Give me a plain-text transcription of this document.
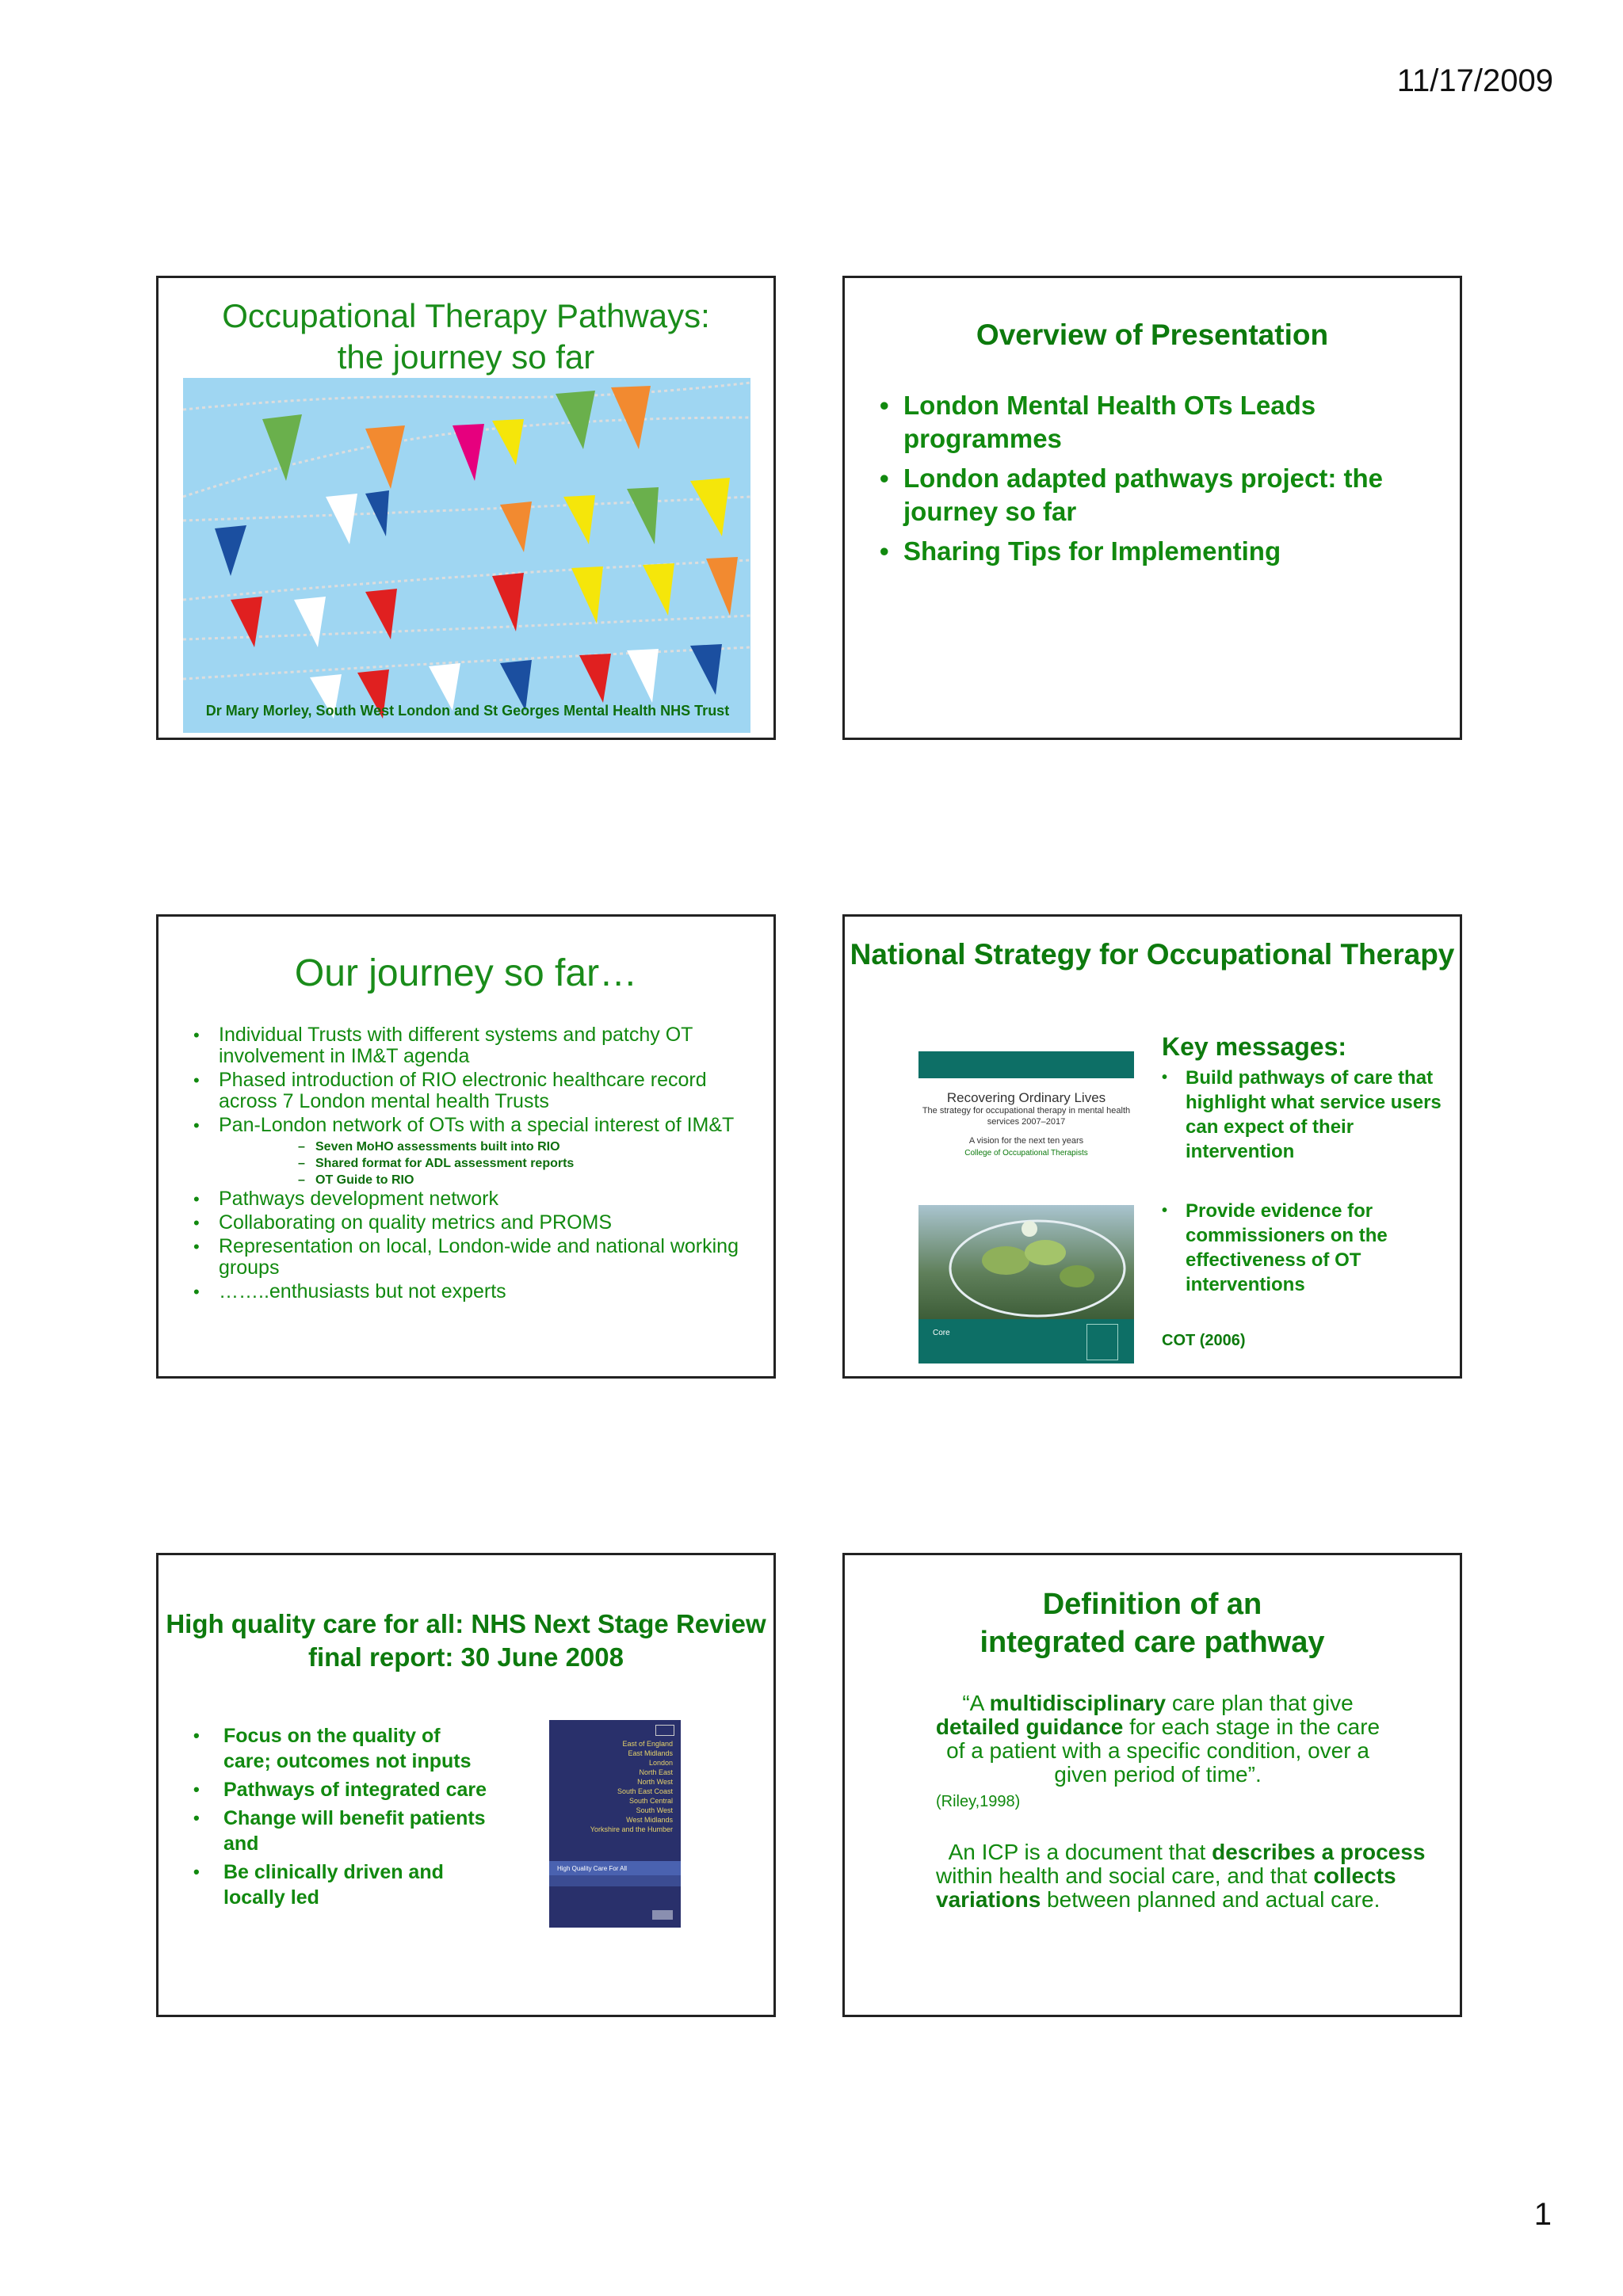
11/17/2009
Occupational Therapy Pathways:
the journey so far
Dr Mary Morley, South West London and St Georges Mental Health NHS Trust
Overview of Presentation
• London Mental Health OTs Leads programmes
• London adapted pathways project: the journey so far
• Sharing Tips for Implementing
Our journey so far…
• Individual Trusts with different systems and patchy OT involvement in IM&T agenda
• Phased introduction of RIO electronic healthcare record across 7 London mental health Trusts
• Pan-London network of OTs with a special interest of IM&T
– Seven MoHO assessments built into RIO
– Shared format for ADL assessment reports
– OT Guide to RIO
• Pathways development network
• Collaborating on quality metrics and PROMS
• Representation on local, London-wide and national working groups
• ……..enthusiasts but not experts
National Strategy for Occupational Therapy
Recovering Ordinary Lives
The strategy for occupational therapy in mental health services 2007–2017
A vision for the next ten years
College of Occupational Therapists
Core
Key messages:
• Build pathways of care that highlight what service users can expect of their intervention
• Provide evidence for commissioners on the effectiveness of OT interventions
COT (2006)
High quality care for all: NHS Next Stage Review final report: 30 June 2008
• Focus on the quality of care; outcomes not inputs
• Pathways of integrated care
• Change will benefit patients and
• Be clinically driven and locally led
East of England
East Midlands
London
North East
North West
South East Coast
South Central
South West
West Midlands
Yorkshire and the Humber
High Quality Care For All
Definition of an
integrated care pathway
“A multidisciplinary care plan that give detailed guidance for each stage in the care of a patient with a specific condition, over a given period of time”.
(Riley,1998)
An ICP is a document that describes a process within health and social care, and that collects variations between planned and actual care.
1
